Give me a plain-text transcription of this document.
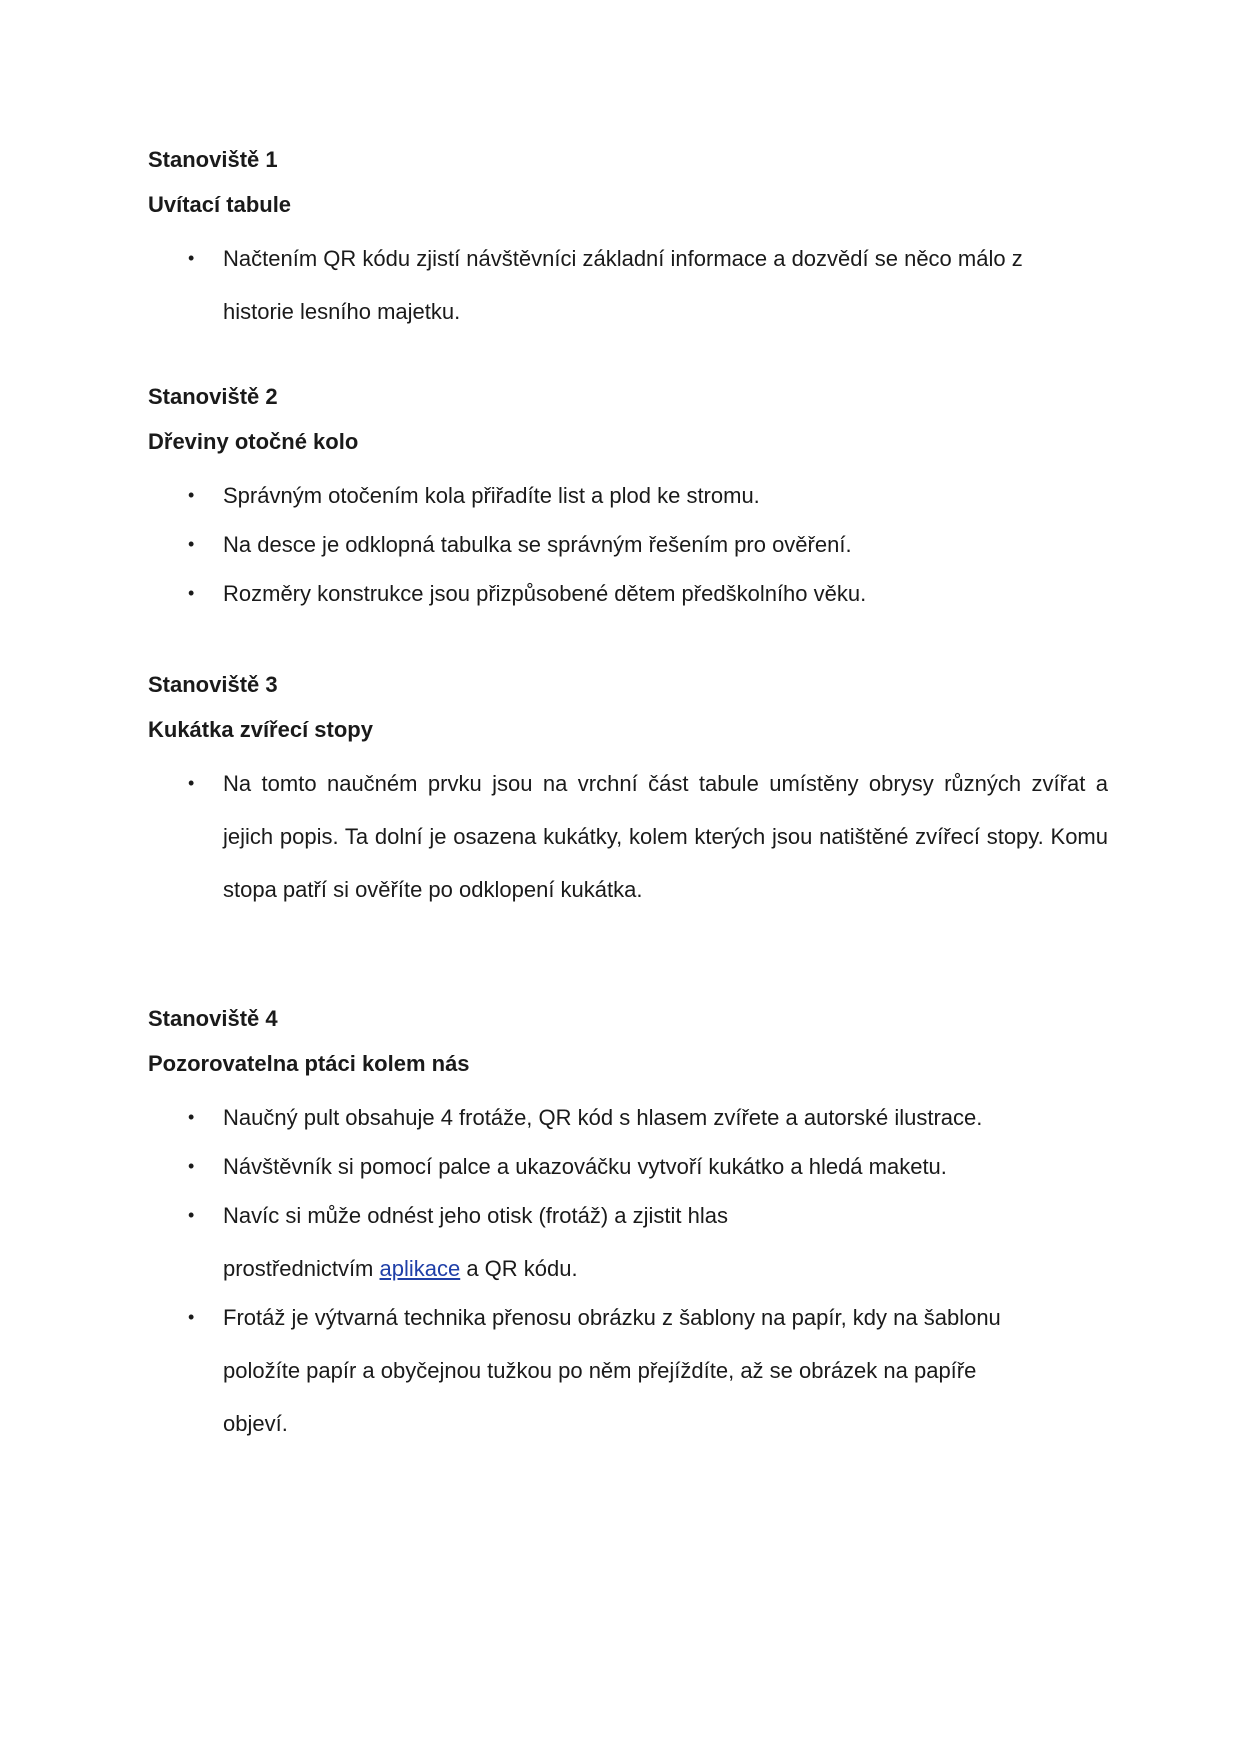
Stanoviště 1

Uvítací tabule

• Načtením QR kódu zjistí návštěvníci základní informace a dozvědí se něco málo z historie lesního majetku.

Stanoviště 2

Dřeviny otočné kolo

• Správným otočením kola přiřadíte list a plod ke stromu.
• Na desce je odklopná tabulka se správným řešením pro ověření.
• Rozměry konstrukce jsou přizpůsobené dětem předškolního věku.

Stanoviště 3

Kukátka zvířecí stopy

• Na tomto naučném prvku jsou na vrchní část tabule umístěny obrysy různých zvířat a jejich popis. Ta dolní je osazena kukátky, kolem kterých jsou natištěné zvířecí stopy. Komu stopa patří si ověříte po odklopení kukátka.

Stanoviště 4

Pozorovatelna ptáci kolem nás

• Naučný pult obsahuje 4 frotáže, QR kód s hlasem zvířete a autorské ilustrace.
• Návštěvník si pomocí palce a ukazováčku vytvoří kukátko a hledá maketu.
• Navíc si může odnést jeho otisk (frotáž) a zjistit hlas
prostřednictvím aplikace a QR kódu.
• Frotáž je výtvarná technika přenosu obrázku z šablony na papír, kdy na šablonu položíte papír a obyčejnou tužkou po něm přejíždíte, až se obrázek na papíře objeví.
